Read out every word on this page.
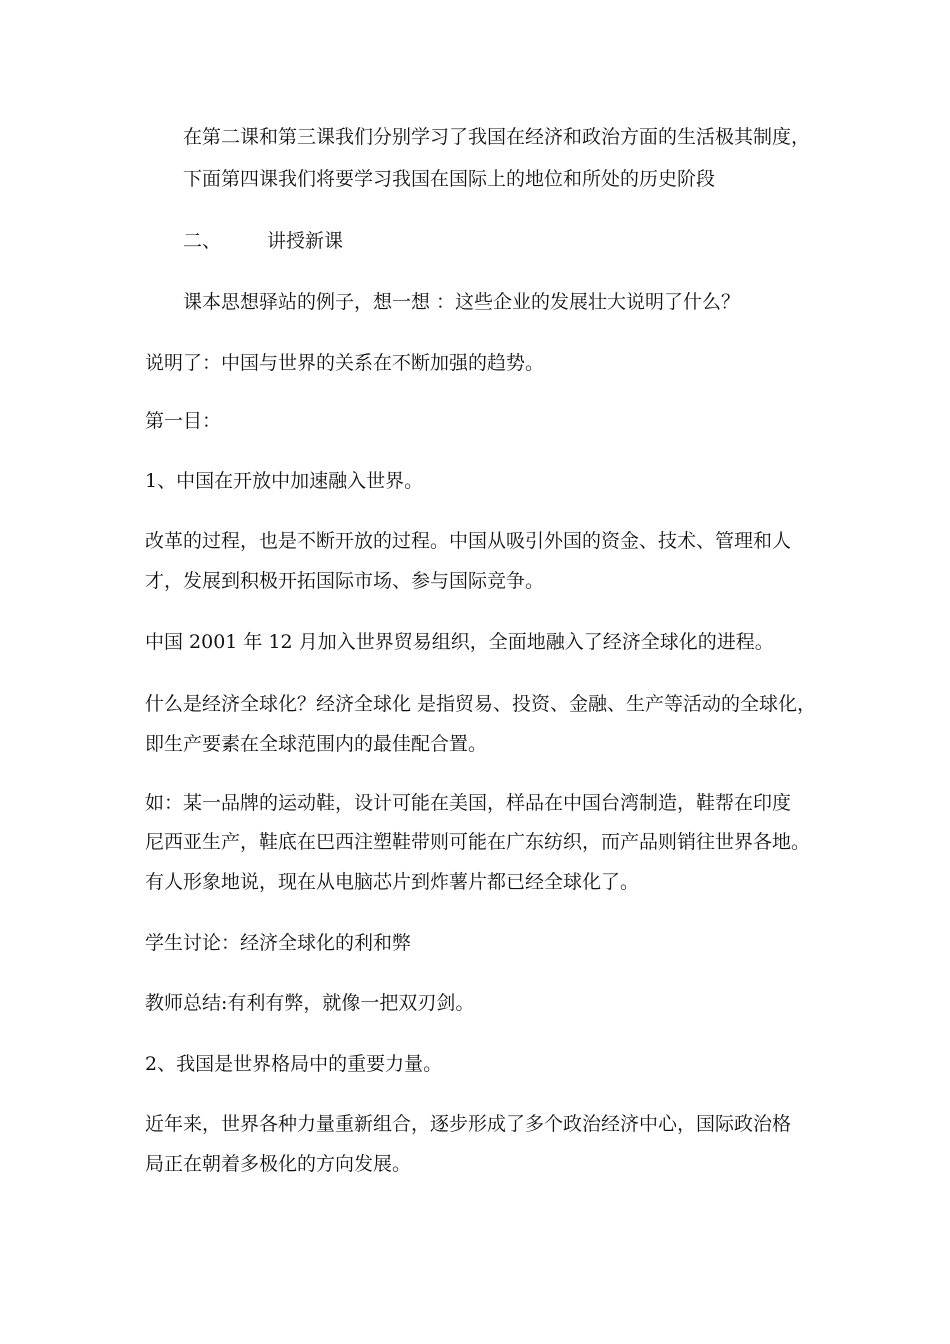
在第二课和第三课我们分别学习了我国在经济和政治方面的生活极其制度，
下面第四课我们将要学习我国在国际上的地位和所处的历史阶段
二、 讲授新课
课本思想驿站的例子，想一想 ：这些企业的发展壮大说明了什么？
说明了：中国与世界的关系在不断加强的趋势。
第一目：
1、中国在开放中加速融入世界。
改革的过程，也是不断开放的过程。中国从吸引外国的资金、技术、管理和人
才，发展到积极开拓国际市场、参与国际竞争。
中国 2001 年 12 月加入世界贸易组织，全面地融入了经济全球化的进程。
什么是经济全球化？经济全球化 是指贸易、投资、金融、生产等活动的全球化，
即生产要素在全球范围内的最佳配合置。
如：某一品牌的运动鞋，设计可能在美国，样品在中国台湾制造，鞋帮在印度
尼西亚生产，鞋底在巴西注塑鞋带则可能在广东纺织，而产品则销往世界各地。
有人形象地说，现在从电脑芯片到炸薯片都已经全球化了。
学生讨论：经济全球化的利和弊
教师总结:有利有弊，就像一把双刃剑。
2、我国是世界格局中的重要力量。
近年来，世界各种力量重新组合，逐步形成了多个政治经济中心，国际政治格
局正在朝着多极化的方向发展。
